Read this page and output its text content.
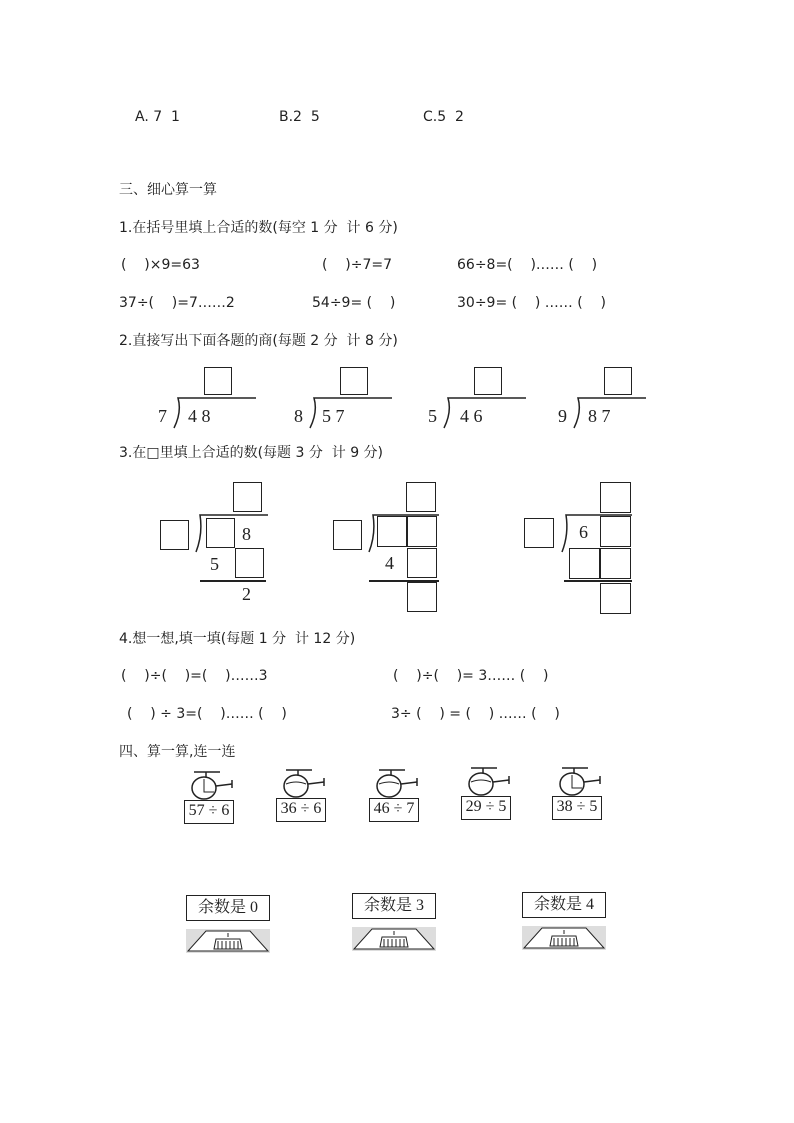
A. 7  1	B.2  5	C.5  2
三、细心算一算
1.在括号里填上合适的数(每空 1 分  计 6 分)
(    )×9=63	(    )÷7=7	66÷8=(    )…… (    )
37÷(    )=7……2	54÷9= (    )	30÷9= (    ) …… (    )
2.直接写出下面各题的商(每题 2 分  计 8 分)
7 4 8	8 5 7	5 4 6	9 8 7
3.在□里填上合适的数(每题 3 分  计 9 分)
8
5
2
4
6
4.想一想,填一填(每题 1 分  计 12 分)
(    )÷(    )=(    )……3	(    )÷(    )= 3…… (    )
(    ) ÷ 3=(    )…… (    )	3÷ (    ) = (    ) …… (    )
四、算一算,连一连
57 ÷ 6	36 ÷ 6	46 ÷ 7	29 ÷ 5	38 ÷ 5
余数是 0	余数是 3	余数是 4
